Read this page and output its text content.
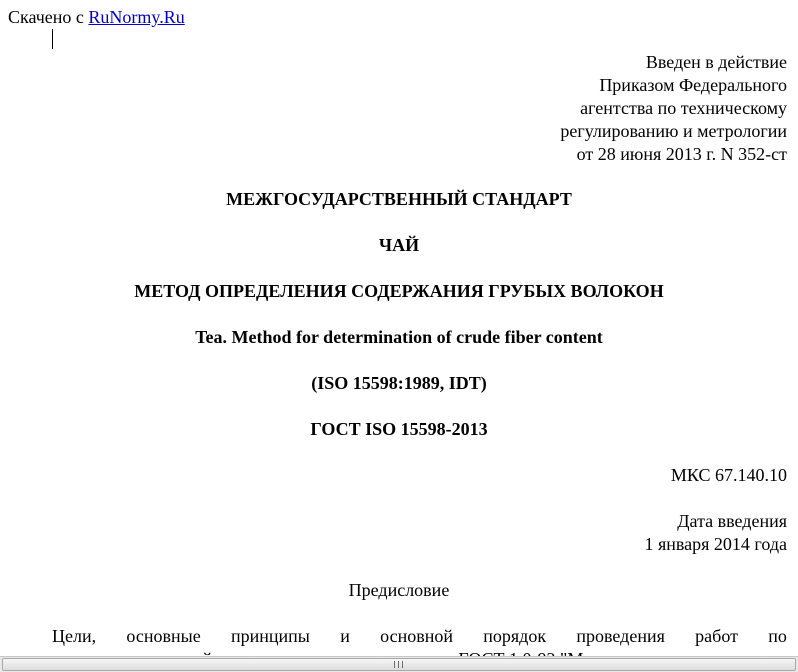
Скачено с RuNormy.Ru
Введен в действие
Приказом Федерального
агентства по техническому
регулированию и метрологии
от 28 июня 2013 г. N 352-ст
МЕЖГОСУДАРСТВЕННЫЙ СТАНДАРТ
ЧАЙ
МЕТОД ОПРЕДЕЛЕНИЯ СОДЕРЖАНИЯ ГРУБЫХ ВОЛОКОН
Tea. Method for determination of crude fiber content
(ISO 15598:1989, IDT)
ГОСТ ISO 15598-2013
МКС 67.140.10
Дата введения
1 января 2014 года
Предисловие
Цели, основные принципы и основной порядок проведения работ по
